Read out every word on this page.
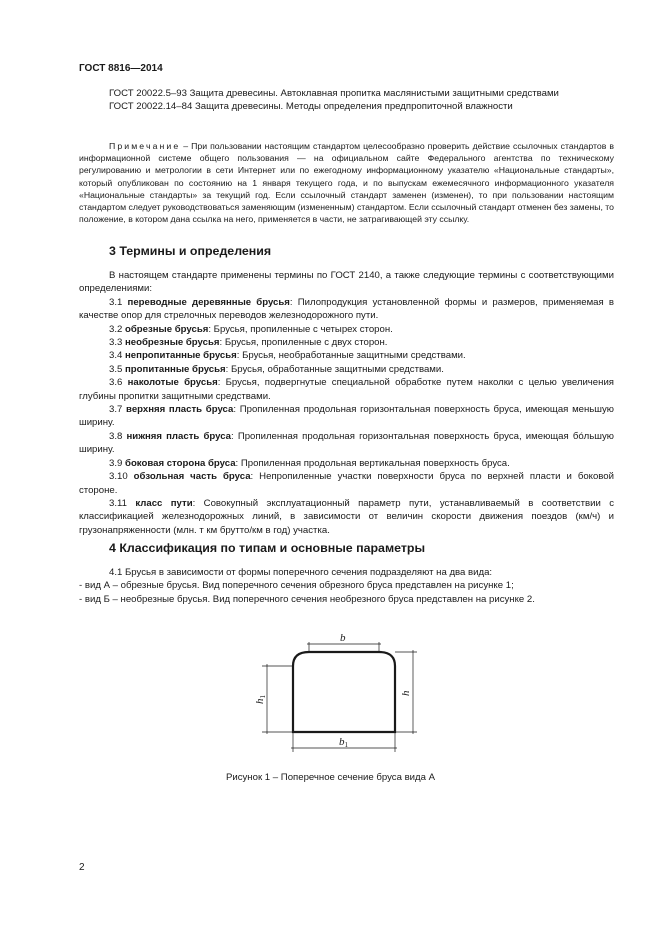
ГОСТ 8816—2014

ГОСТ 20022.5–93 Защита древесины. Автоклавная пропитка маслянистыми защитными средствами

ГОСТ 20022.14–84 Защита древесины. Методы определения предпропиточной влажности

Примечание – При пользовании настоящим стандартом целесообразно проверить действие ссылочных стандартов в информационной системе общего пользования — на официальном сайте Федерального агентства по техническому регулированию и метрологии в сети Интернет или по ежегодному информационному указателю «Национальные стандарты», который опубликован по состоянию на 1 января текущего года, и по выпускам ежемесячного информационного указателя «Национальные стандарты» за текущий год. Если ссылочный стандарт заменен (изменен), то при пользовании настоящим стандартом следует руководствоваться заменяющим (измененным) стандартом. Если ссылочный стандарт отменен без замены, то положение, в котором дана ссылка на него, применяется в части, не затрагивающей эту ссылку.

3 Термины и определения

В настоящем стандарте применены термины по ГОСТ 2140, а также следующие термины с соответствующими определениями:

3.1 переводные деревянные брусья: Пилопродукция установленной формы и размеров, применяемая в качестве опор для стрелочных переводов железнодорожного пути.

3.2 обрезные брусья: Брусья, пропиленные с четырех сторон.

3.3 необрезные брусья: Брусья, пропиленные с двух сторон.

3.4 непропитанные брусья: Брусья, необработанные защитными средствами.

3.5 пропитанные брусья: Брусья, обработанные защитными средствами.

3.6 наколотые брусья: Брусья, подвергнутые специальной обработке путем наколки с целью увеличения глубины пропитки защитными средствами.

3.7 верхняя пласть бруса: Пропиленная продольная горизонтальная поверхность бруса, имеющая меньшую ширину.

3.8 нижняя пласть бруса: Пропиленная продольная горизонтальная поверхность бруса, имеющая бóльшую ширину.

3.9 боковая сторона бруса: Пропиленная продольная вертикальная поверхность бруса.

3.10 обзольная часть бруса: Непропиленные участки поверхности бруса по верхней пласти и боковой стороне.

3.11 класс пути: Совокупный эксплуатационный параметр пути, устанавливаемый в соответствии с классификацией железнодорожных линий, в зависимости от величин скорости движения поездов (км/ч) и грузонапряженности (млн. т км брутто/км в год) участка.

4 Классификация по типам и основные параметры

4.1 Брусья в зависимости от формы поперечного сечения подразделяют на два вида:

- вид А – обрезные брусья. Вид поперечного сечения обрезного бруса представлен на рисунке 1;

- вид Б – необрезные брусья. Вид поперечного сечения необрезного бруса представлен на рисунке 2.

b
b1
h1
h
Рисунок 1 – Поперечное сечение бруса вида А
2
